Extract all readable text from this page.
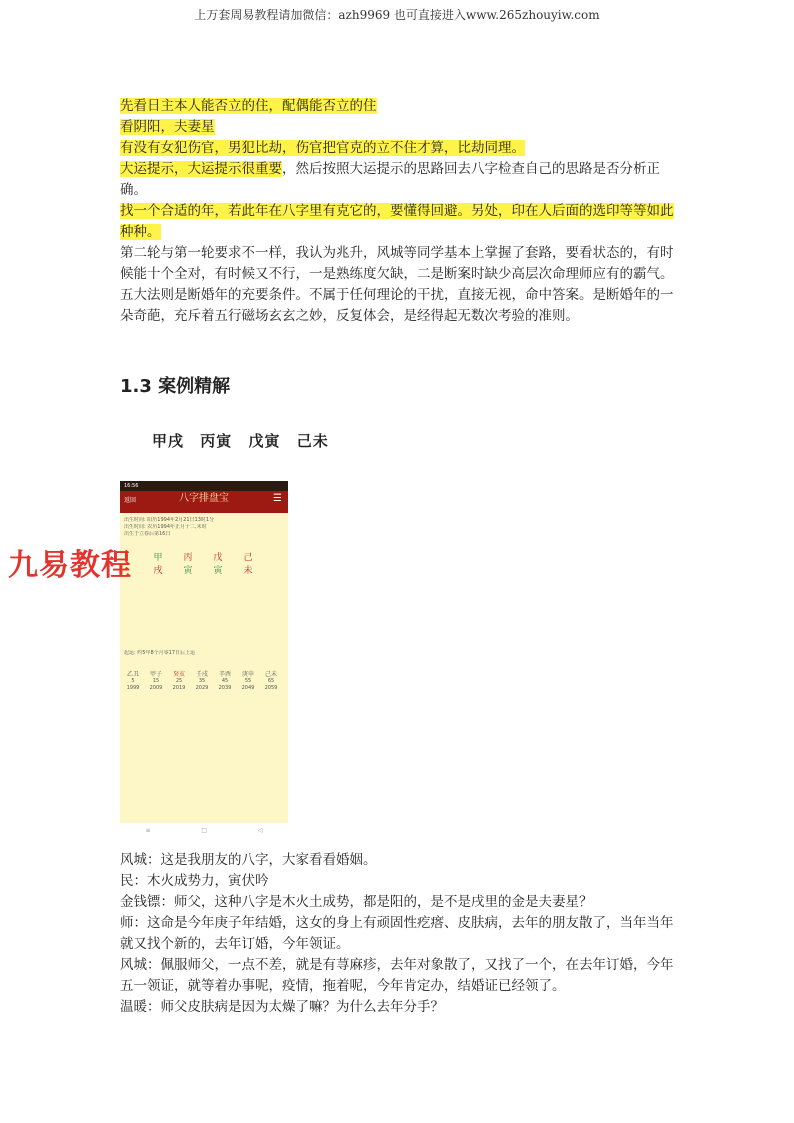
上万套周易教程请加微信：azh9969 也可直接进入www.265zhouyiw.com

先看日主本人能否立的住，配偶能否立的住

看阴阳，夫妻星

有没有女犯伤官，男犯比劫，伤官把官克的立不住才算，比劫同理。

大运提示，大运提示很重要，然后按照大运提示的思路回去八字检查自己的思路是否分析正确。

找一个合适的年，若此年在八字里有克它的，要懂得回避。另处，印在人后面的选印等等如此种种。

第二轮与第一轮要求不一样，我认为兆升，风城等同学基本上掌握了套路，要看状态的，有时候能十个全对，有时候又不行，一是熟练度欠缺，二是断案时缺少高层次命理师应有的霸气。

五大法则是断婚年的充要条件。不属于任何理论的干扰，直接无视，命中答案。是断婚年的一朵奇葩，充斥着五行磁场玄玄之妙，反复体会，是经得起无数次考验的准则。

1.3 案例精解
甲戌 丙寅 戊寅 己未
16:56
返回	八字排盘宝	☰
出生时间: 阳历1994年2月21日13时1分
出生时间: 农历1994年正月十二,未时
出生于立春后第16日
甲	丙	戊	己
戌	寅	寅	未
起运: 约5年8个月零17日后上运
乙丑	甲子	癸亥	壬戌	辛酉	庚申	己未
5	15	25	35	45	55	65
1999	2009	2019	2029	2039	2049	2059
≡	□	◁
九易教程

风城：这是我朋友的八字，大家看看婚姻。

民：木火成势力，寅伏吟

金钱镖：师父，这种八字是木火土成势，都是阳的，是不是戌里的金是夫妻星？

师：这命是今年庚子年结婚，这女的身上有顽固性疙瘩、皮肤病，去年的朋友散了，当年当年就又找个新的，去年订婚，今年领证。

风城：佩服师父，一点不差，就是有荨麻疹，去年对象散了，又找了一个，在去年订婚，今年五一领证，就等着办事呢，疫情，拖着呢，今年肯定办，结婚证已经领了。

温暖：师父皮肤病是因为太燥了嘛？为什么去年分手？
